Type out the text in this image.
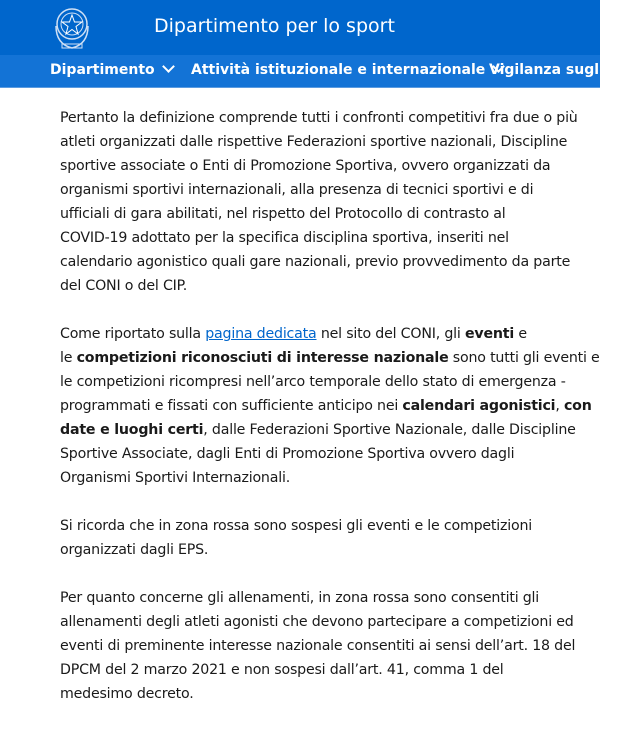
Dipartimento per lo sport
Dipartimento	Attività istituzionale e internazionale Vigilanza sugli en

Pertanto la definizione comprende tutti i confronti competitivi fra due o più
atleti organizzati dalle rispettive Federazioni sportive nazionali, Discipline
sportive associate o Enti di Promozione Sportiva, ovvero organizzati da
organismi sportivi internazionali, alla presenza di tecnici sportivi e di
ufficiali di gara abilitati, nel rispetto del Protocollo di contrasto al
COVID-19 adottato per la specifica disciplina sportiva, inseriti nel
calendario agonistico quali gare nazionali, previo provvedimento da parte
del CONI o del CIP.

Come riportato sulla pagina dedicata nel sito del CONI, gli eventi e
le competizioni riconosciuti di interesse nazionale sono tutti gli eventi e
le competizioni ricompresi nell’arco temporale dello stato di emergenza -
programmati e fissati con sufficiente anticipo nei calendari agonistici, con
date e luoghi certi, dalle Federazioni Sportive Nazionale, dalle Discipline
Sportive Associate, dagli Enti di Promozione Sportiva ovvero dagli
Organismi Sportivi Internazionali.

Si ricorda che in zona rossa sono sospesi gli eventi e le competizioni
organizzati dagli EPS.

Per quanto concerne gli allenamenti, in zona rossa sono consentiti gli
allenamenti degli atleti agonisti che devono partecipare a competizioni ed
eventi di preminente interesse nazionale consentiti ai sensi dell’art. 18 del
DPCM del 2 marzo 2021 e non sospesi dall’art. 41, comma 1 del
medesimo decreto.
